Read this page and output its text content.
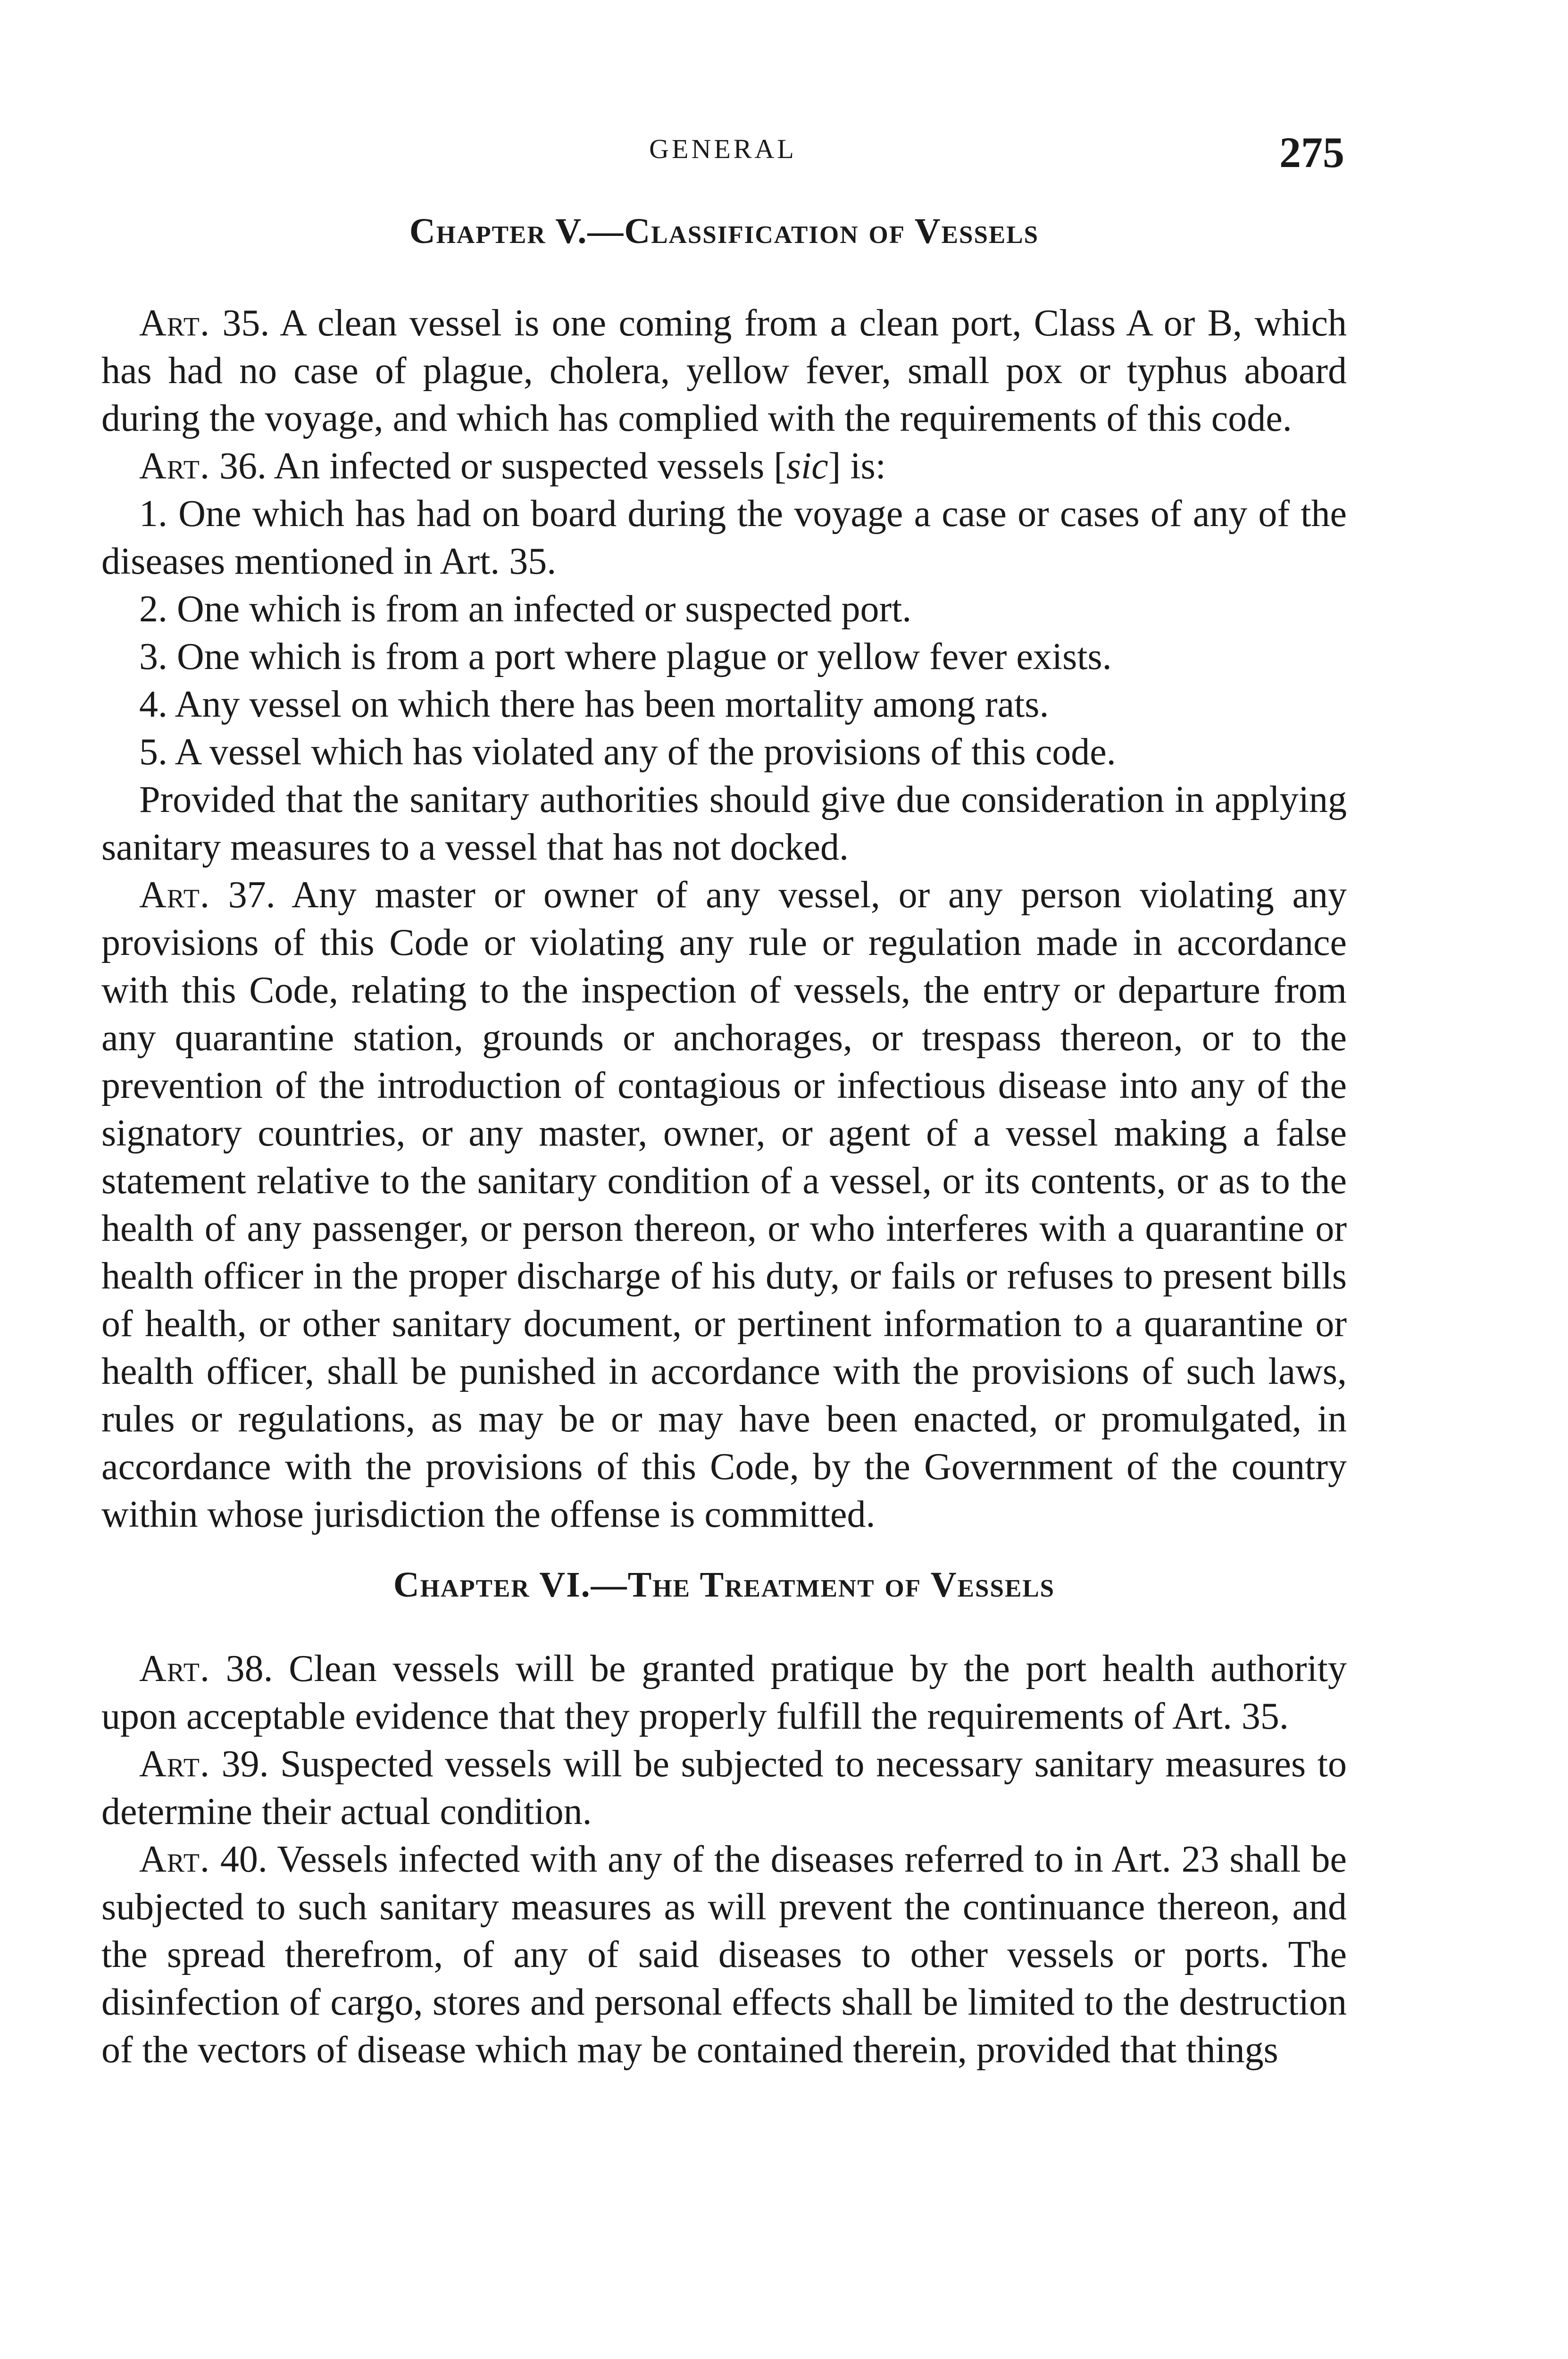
GENERAL	275
Chapter V.—Classification of Vessels

Art. 35. A clean vessel is one coming from a clean port, Class A or B, which has had no case of plague, cholera, yellow fever, small pox or typhus aboard during the voyage, and which has complied with the requirements of this code.

Art. 36. An infected or suspected vessels [sic] is:

1. One which has had on board during the voyage a case or cases of any of the diseases mentioned in Art. 35.

2. One which is from an infected or suspected port.

3. One which is from a port where plague or yellow fever exists.

4. Any vessel on which there has been mortality among rats.

5. A vessel which has violated any of the provisions of this code.

Provided that the sanitary authorities should give due consideration in applying sanitary measures to a vessel that has not docked.

Art. 37. Any master or owner of any vessel, or any person violating any provisions of this Code or violating any rule or regulation made in accordance with this Code, relating to the inspection of vessels, the entry or departure from any quarantine station, grounds or anchorages, or trespass thereon, or to the prevention of the introduction of contagious or infectious disease into any of the signatory countries, or any master, owner, or agent of a vessel making a false statement relative to the sanitary condition of a vessel, or its contents, or as to the health of any passenger, or person thereon, or who interferes with a quarantine or health officer in the proper discharge of his duty, or fails or refuses to present bills of health, or other sanitary document, or pertinent information to a quarantine or health officer, shall be punished in accordance with the provisions of such laws, rules or regulations, as may be or may have been enacted, or promulgated, in accordance with the provisions of this Code, by the Government of the country within whose jurisdiction the offense is committed.

Chapter VI.—The Treatment of Vessels

Art. 38. Clean vessels will be granted pratique by the port health authority upon acceptable evidence that they properly fulfill the requirements of Art. 35.

Art. 39. Suspected vessels will be subjected to necessary sanitary measures to determine their actual condition.

Art. 40. Vessels infected with any of the diseases referred to in Art. 23 shall be subjected to such sanitary measures as will prevent the continuance thereon, and the spread therefrom, of any of said diseases to other vessels or ports. The disinfection of cargo, stores and personal effects shall be limited to the destruction of the vectors of disease which may be contained therein, provided that things
